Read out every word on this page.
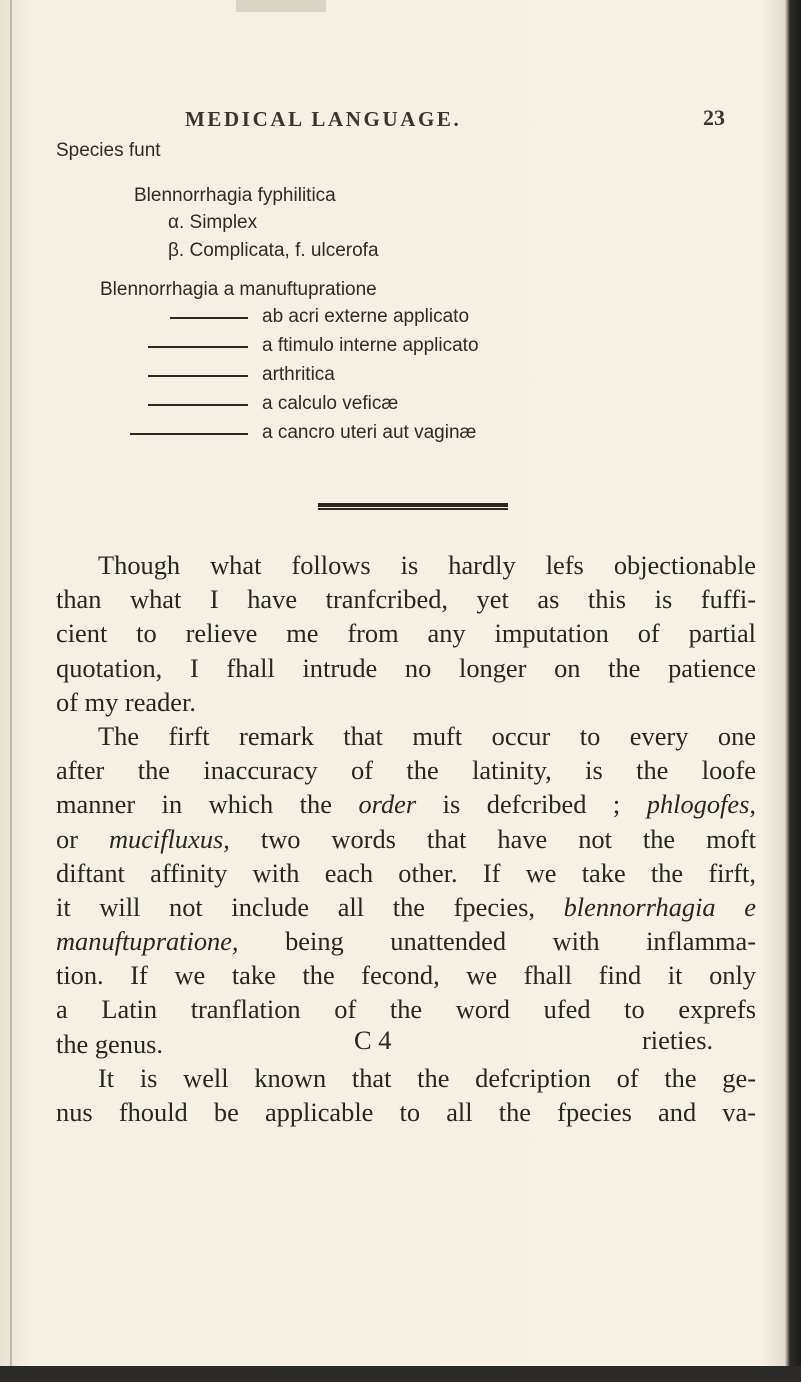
MEDICAL LANGUAGE.	23
Species funt
Blennorrhagia fyphilitica
α. Simplex
β. Complicata, f. ulcerofa
Blennorrhagia a manuftupratione
ab acri externe applicato
a ftimulo interne applicato
arthritica
a calculo veficæ
a cancro uteri aut vaginæ
Though what follows is hardly lefs objectionable
than what I have tranfcribed, yet as this is fuffi-
cient to relieve me from any imputation of partial
quotation, I fhall intrude no longer on the patience
of my reader.
The firft remark that muft occur to every one
after the inaccuracy of the latinity, is the loofe
manner in which the order is defcribed ; phlogofes,
or mucifluxus, two words that have not the moft
diftant affinity with each other. If we take the firft,
it will not include all the fpecies, blennorrhagia e
manuftupratione, being unattended with inflamma-
tion. If we take the fecond, we fhall find it only
a Latin tranflation of the word ufed to exprefs
the genus.
It is well known that the defcription of the ge-
nus fhould be applicable to all the fpecies and va-
C 4	rieties.
